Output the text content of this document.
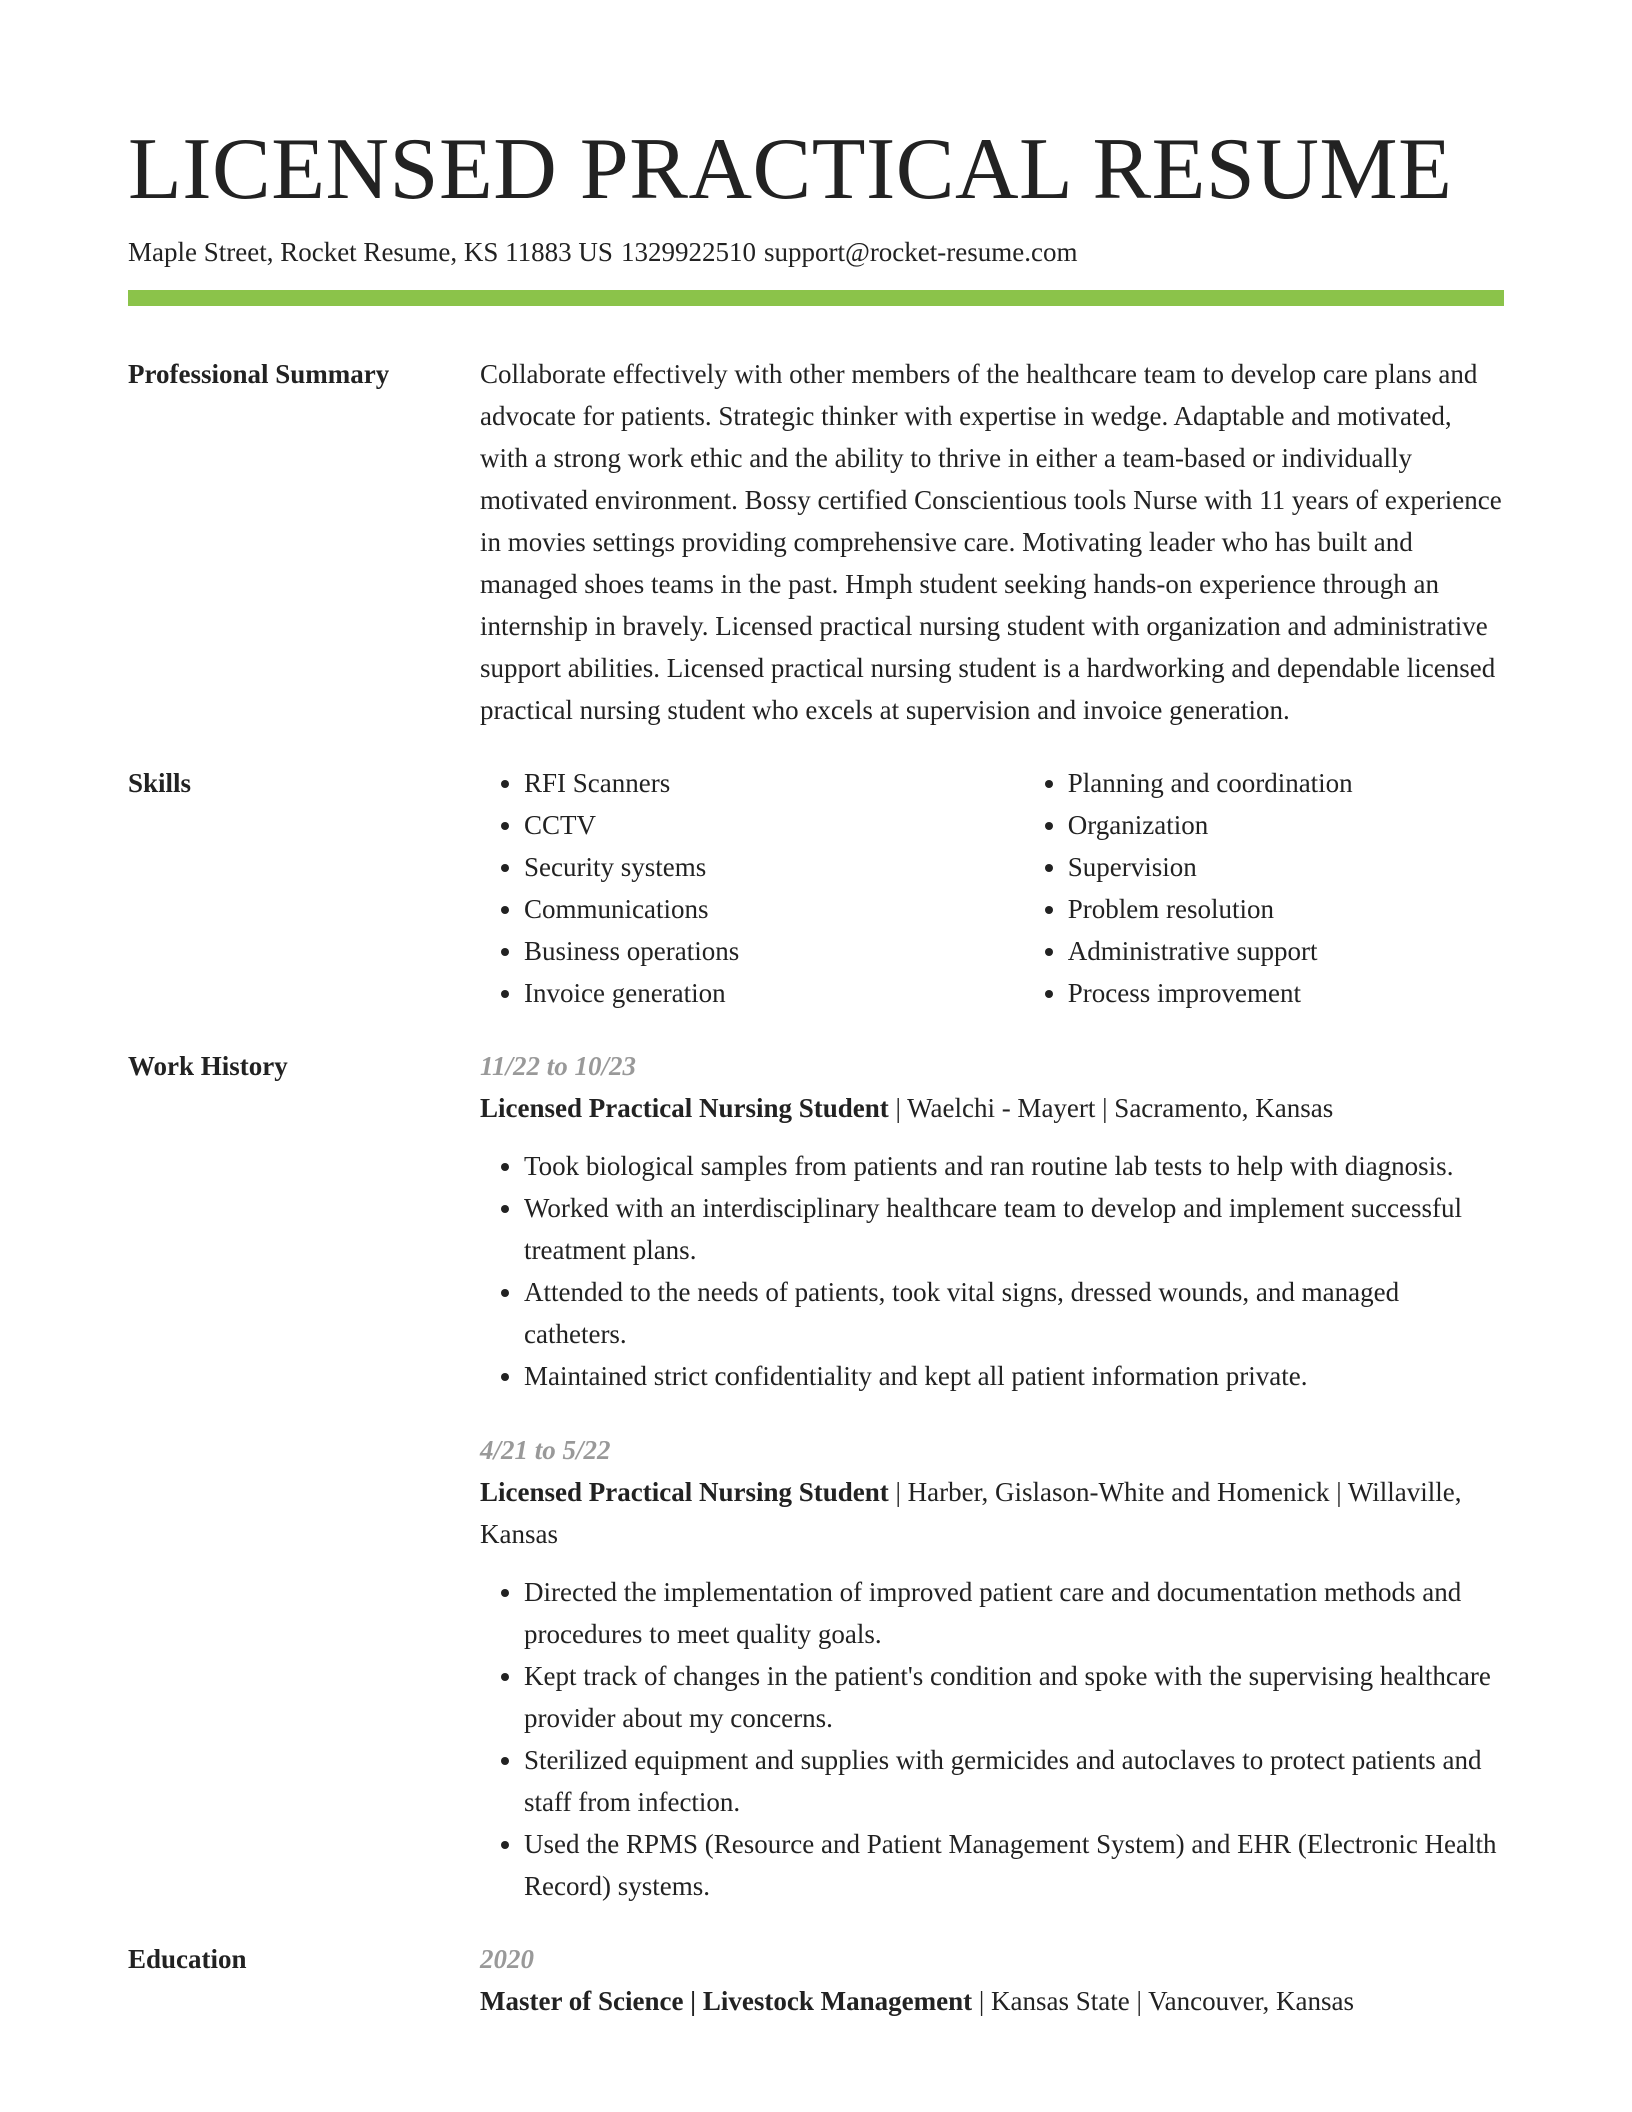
LICENSED PRACTICAL RESUME
Maple Street, Rocket Resume, KS 11883 US 1329922510 support@rocket-resume.com
Professional Summary	Collaborate effectively with other members of the healthcare team to develop care plans and advocate for patients. Strategic thinker with expertise in wedge. Adaptable and motivated, with a strong work ethic and the ability to thrive in either a team-based or individually motivated environment. Bossy certified Conscientious tools Nurse with 11 years of experience in movies settings providing comprehensive care. Motivating leader who has built and managed shoes teams in the past. Hmph student seeking hands-on experience through an internship in bravely. Licensed practical nursing student with organization and administrative support abilities. Licensed practical nursing student is a hardworking and dependable licensed practical nursing student who excels at supervision and invoice generation.

Skills
•	RFI Scanners
• CCTV
• Security systems
• Communications
• Business operations
• Invoice generation
• Planning and coordination
• Organization
• Supervision
• Problem resolution
• Administrative support
• Process improvement
Work History	11/22 to 10/23
Licensed Practical Nursing Student | Waelchi - Mayert | Sacramento, Kansas
• Took biological samples from patients and ran routine lab tests to help with diagnosis.
• Worked with an interdisciplinary healthcare team to develop and implement successful treatment plans.
• Attended to the needs of patients, took vital signs, dressed wounds, and managed catheters.
• Maintained strict confidentiality and kept all patient information private.
4/21 to 5/22
Licensed Practical Nursing Student | Harber, Gislason-White and Homenick | Willaville, Kansas
• Directed the implementation of improved patient care and documentation methods and procedures to meet quality goals.
• Kept track of changes in the patient's condition and spoke with the supervising healthcare provider about my concerns.
• Sterilized equipment and supplies with germicides and autoclaves to protect patients and staff from infection.
• Used the RPMS (Resource and Patient Management System) and EHR (Electronic Health Record) systems.
Education	2020
Master of Science | Livestock Management | Kansas State | Vancouver, Kansas
